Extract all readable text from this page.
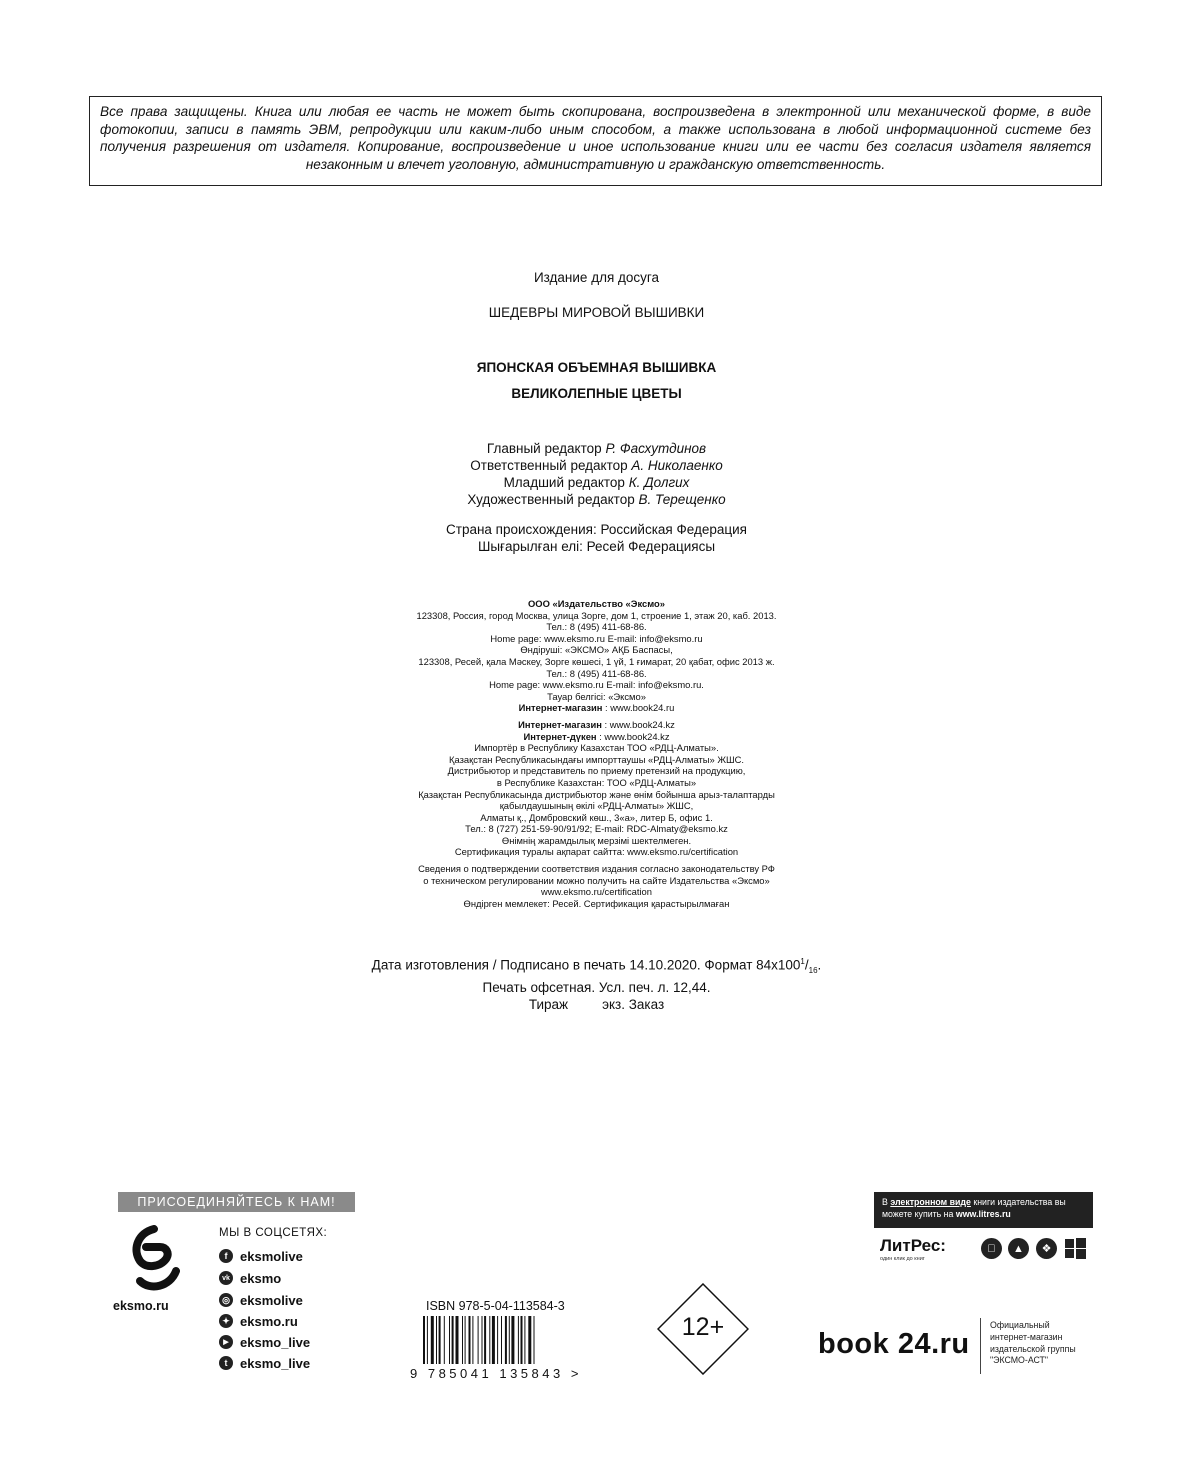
Все права защищены. Книга или любая ее часть не может быть скопирована, воспроизведена в электронной или механической форме, в виде фотокопии, записи в память ЭВМ, репродукции или каким-либо иным способом, а также использована в любой информационной системе без получения разрешения от издателя. Копирование, воспроизведение и иное использование книги или ее части без согласия издателя является незаконным и влечет уголовную, административную и гражданскую ответственность.
Издание для досуга
ШЕДЕВРЫ МИРОВОЙ ВЫШИВКИ
ЯПОНСКАЯ ОБЪЕМНАЯ ВЫШИВКА
ВЕЛИКОЛЕПНЫЕ ЦВЕТЫ
Главный редактор Р. Фасхутдинов
Ответственный редактор А. Николаенко
Младший редактор К. Долгих
Художественный редактор В. Терещенко
Страна происхождения: Российская Федерация
Шығарылған елі: Ресей Федерациясы
ООО «Издательство «Эксмо»
123308, Россия, город Москва, улица Зорге, дом 1, строение 1, этаж 20, каб. 2013.
Тел.: 8 (495) 411-68-86.
Home page: www.eksmo.ru E-mail: info@eksmo.ru
Өндіруші: «ЭКСМО» АҚБ Баспасы,
123308, Ресей, қала Мәскеу, Зорге көшесі, 1 үй, 1 ғимарат, 20 қабат, офис 2013 ж.
Тел.: 8 (495) 411-68-86.
Home page: www.eksmo.ru E-mail: info@eksmo.ru.
Тауар белгісі: «Эксмо»
Интернет-магазин : www.book24.ru
Интернет-магазин : www.book24.kz
Интернет-дүкен : www.book24.kz
Импортёр в Республику Казахстан ТОО «РДЦ-Алматы».
Қазақстан Республикасындағы импорттаушы «РДЦ-Алматы» ЖШС.
Дистрибьютор и представитель по приему претензий на продукцию,
в Республике Казахстан: ТОО «РДЦ-Алматы»
Қазақстан Республикасында дистрибьютор және өнім бойынша арыз-талаптарды
қабылдаушының өкілі «РДЦ-Алматы» ЖШС,
Алматы қ., Домбровский көш., 3«а», литер Б, офис 1.
Тел.: 8 (727) 251-59-90/91/92; E-mail: RDC-Almaty@eksmo.kz
Өнімнің жарамдылық мерзімі шектелмеген.
Сертификация туралы ақпарат сайтта: www.eksmo.ru/certification
Сведения о подтверждении соответствия издания согласно законодательству РФ
о техническом регулировании можно получить на сайте Издательства «Эксмо»
www.eksmo.ru/certification
Өндірген мемлекет: Ресей. Сертификация қарастырылмаған
Дата изготовления / Подписано в печать 14.10.2020. Формат $84x100^1/_{16}$.
Печать офсетная. Усл. печ. л. 12,44.
Тираж	экз. Заказ
ПРИСОЕДИНЯЙТЕСЬ К НАМ!
eksmo.ru
МЫ В СОЦСЕТЯХ:
f eksmolive
vk eksmo
◎ eksmolive
✦ eksmo.ru
▶ eksmo_live
t eksmo_live
ISBN 978-5-04-113584-3
9 785041 135843 >
12+
В электронном виде книги издательства вы можете купить на www.litres.ru
ЛитРес:
один клик до книг
▲	❖
book 24.ru
Официальный
интернет-магазин
издательской группы
"ЭКСМО-АСТ"
